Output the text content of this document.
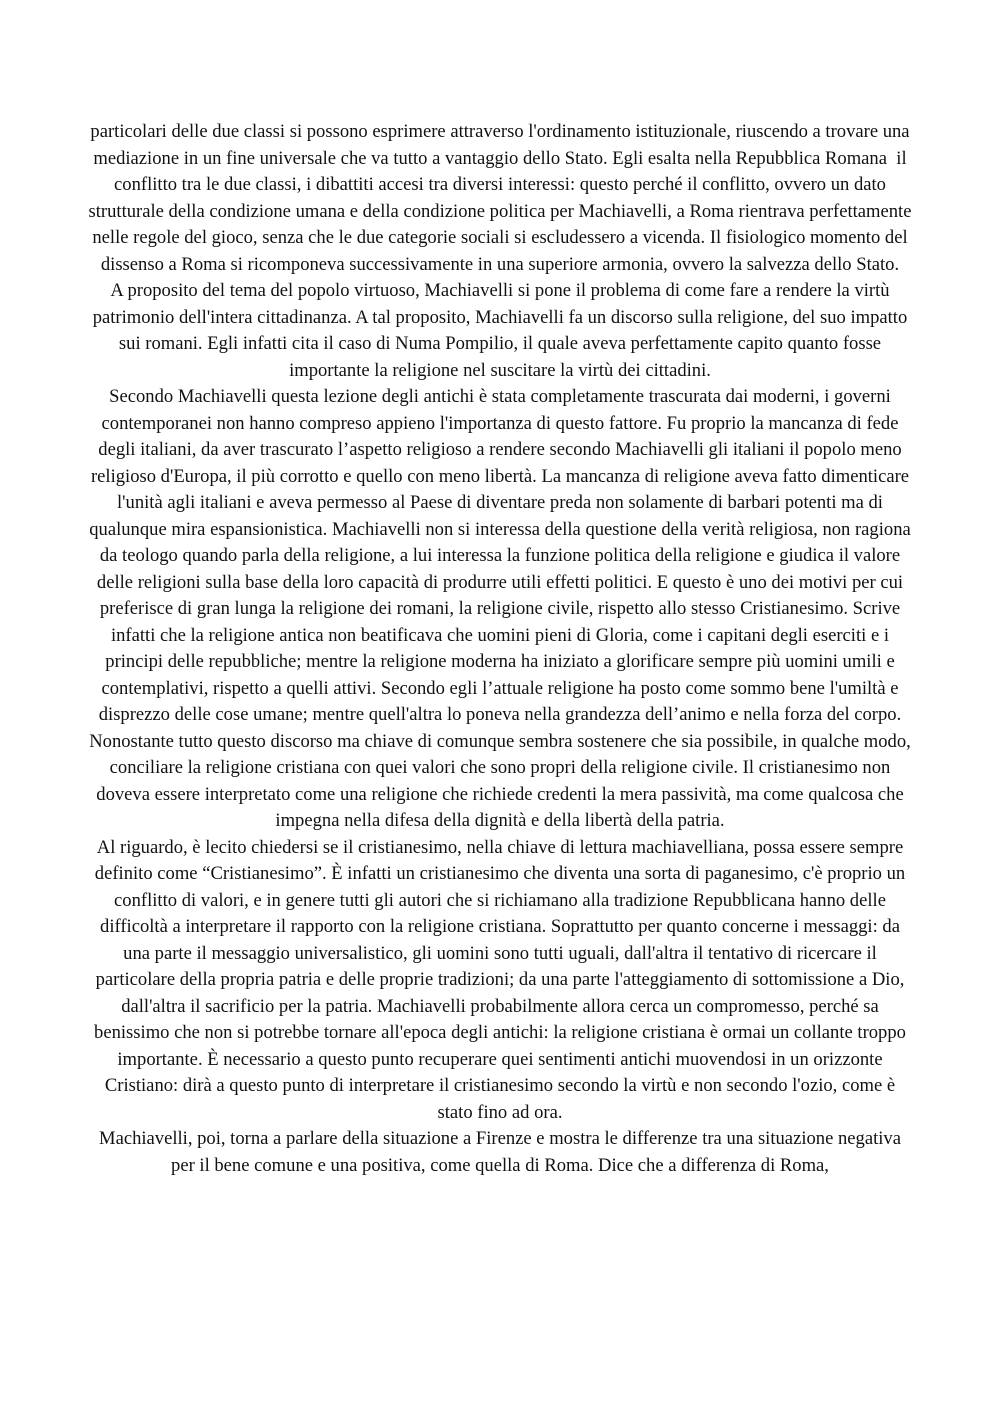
particolari delle due classi si possono esprimere attraverso l'ordinamento istituzionale, riuscendo a trovare una mediazione in un fine universale che va tutto a vantaggio dello Stato. Egli esalta nella Repubblica Romana  il conflitto tra le due classi, i dibattiti accesi tra diversi interessi: questo perché il conflitto, ovvero un dato strutturale della condizione umana e della condizione politica per Machiavelli, a Roma rientrava perfettamente nelle regole del gioco, senza che le due categorie sociali si escludessero a vicenda. Il fisiologico momento del dissenso a Roma si ricomponeva successivamente in una superiore armonia, ovvero la salvezza dello Stato.

A proposito del tema del popolo virtuoso, Machiavelli si pone il problema di come fare a rendere la virtù patrimonio dell'intera cittadinanza. A tal proposito, Machiavelli fa un discorso sulla religione, del suo impatto sui romani. Egli infatti cita il caso di Numa Pompilio, il quale aveva perfettamente capito quanto fosse importante la religione nel suscitare la virtù dei cittadini.

Secondo Machiavelli questa lezione degli antichi è stata completamente trascurata dai moderni, i governi contemporanei non hanno compreso appieno l'importanza di questo fattore. Fu proprio la mancanza di fede degli italiani, da aver trascurato l’aspetto religioso a rendere secondo Machiavelli gli italiani il popolo meno religioso d'Europa, il più corrotto e quello con meno libertà. La mancanza di religione aveva fatto dimenticare l'unità agli italiani e aveva permesso al Paese di diventare preda non solamente di barbari potenti ma di qualunque mira espansionistica. Machiavelli non si interessa della questione della verità religiosa, non ragiona da teologo quando parla della religione, a lui interessa la funzione politica della religione e giudica il valore delle religioni sulla base della loro capacità di produrre utili effetti politici. E questo è uno dei motivi per cui preferisce di gran lunga la religione dei romani, la religione civile, rispetto allo stesso Cristianesimo. Scrive infatti che la religione antica non beatificava che uomini pieni di Gloria, come i capitani degli eserciti e i principi delle repubbliche; mentre la religione moderna ha iniziato a glorificare sempre più uomini umili e contemplativi, rispetto a quelli attivi. Secondo egli l’attuale religione ha posto come sommo bene l'umiltà e disprezzo delle cose umane; mentre quell'altra lo poneva nella grandezza dell’animo e nella forza del corpo.

Nonostante tutto questo discorso ma chiave di comunque sembra sostenere che sia possibile, in qualche modo, conciliare la religione cristiana con quei valori che sono propri della religione civile. Il cristianesimo non doveva essere interpretato come una religione che richiede credenti la mera passività, ma come qualcosa che impegna nella difesa della dignità e della libertà della patria.

Al riguardo, è lecito chiedersi se il cristianesimo, nella chiave di lettura machiavelliana, possa essere sempre definito come “Cristianesimo”. È infatti un cristianesimo che diventa una sorta di paganesimo, c'è proprio un conflitto di valori, e in genere tutti gli autori che si richiamano alla tradizione Repubblicana hanno delle difficoltà a interpretare il rapporto con la religione cristiana. Soprattutto per quanto concerne i messaggi: da una parte il messaggio universalistico, gli uomini sono tutti uguali, dall'altra il tentativo di ricercare il particolare della propria patria e delle proprie tradizioni; da una parte l'atteggiamento di sottomissione a Dio, dall'altra il sacrificio per la patria. Machiavelli probabilmente allora cerca un compromesso, perché sa benissimo che non si potrebbe tornare all'epoca degli antichi: la religione cristiana è ormai un collante troppo importante. È necessario a questo punto recuperare quei sentimenti antichi muovendosi in un orizzonte Cristiano: dirà a questo punto di interpretare il cristianesimo secondo la virtù e non secondo l'ozio, come è stato fino ad ora.

Machiavelli, poi, torna a parlare della situazione a Firenze e mostra le differenze tra una situazione negativa per il bene comune e una positiva, come quella di Roma. Dice che a differenza di Roma,
